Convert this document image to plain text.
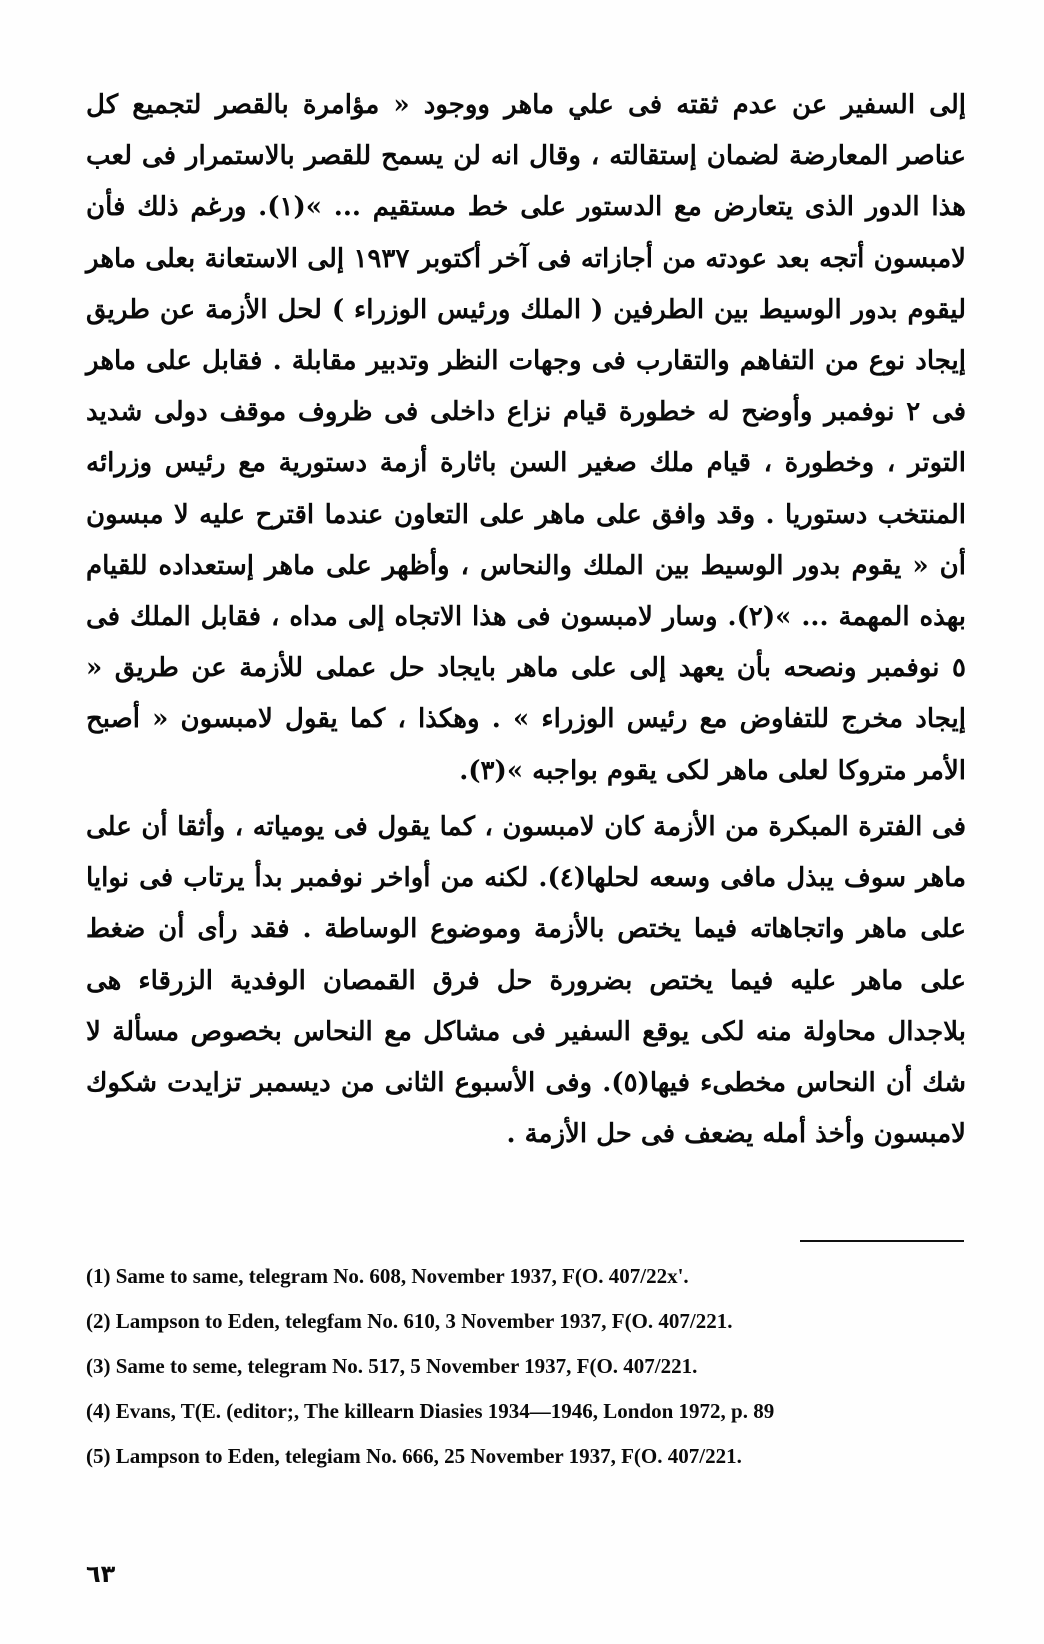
إلى السفير عن عدم ثقته فى علي ماهر ووجود « مؤامرة بالقصر لتجميع كل عناصر المعارضة لضمان إستقالته ، وقال انه لن يسمح للقصر بالاستمرار فى لعب هذا الدور الذى يتعارض مع الدستور على خط مستقيم ... »(١). ورغم ذلك فأن لامبسون أتجه بعد عودته من أجازاته فى آخر أكتوبر ١٩٣٧ إلى الاستعانة بعلى ماهر ليقوم بدور الوسيط بين الطرفين ( الملك ورئيس الوزراء ) لحل الأزمة عن طريق إيجاد نوع من التفاهم والتقارب فى وجهات النظر وتدبير مقابلة . فقابل على ماهر فى ٢ نوفمبر وأوضح له خطورة قيام نزاع داخلى فى ظروف موقف دولى شديد التوتر ، وخطورة ، قيام ملك صغير السن باثارة أزمة دستورية مع رئيس وزرائه المنتخب دستوريا . وقد وافق على ماهر على التعاون عندما اقترح عليه لا مبسون أن « يقوم بدور الوسيط بين الملك والنحاس ، وأظهر على ماهر إستعداده للقيام بهذه المهمة ... »(٢). وسار لامبسون فى هذا الاتجاه إلى مداه ، فقابل الملك فى ٥ نوفمبر ونصحه بأن يعهد إلى على ماهر بايجاد حل عملى للأزمة عن طريق « إيجاد مخرج للتفاوض مع رئيس الوزراء » . وهكذا ، كما يقول لامبسون « أصبح الأمر متروكا لعلى ماهر لكى يقوم بواجبه »(٣).

فى الفترة المبكرة من الأزمة كان لامبسون ، كما يقول فى يومياته ، وأثقا أن على ماهر سوف يبذل مافى وسعه لحلها(٤). لكنه من أواخر نوفمبر بدأ يرتاب فى نوايا على ماهر واتجاهاته فيما يختص بالأزمة وموضوع الوساطة . فقد رأى أن ضغط على ماهر عليه فيما يختص بضرورة حل فرق القمصان الوفدية الزرقاء هى بلاجدال محاولة منه لكى يوقع السفير فى مشاكل مع النحاس بخصوص مسألة لا شك أن النحاس مخطىء فيها(٥). وفى الأسبوع الثانى من ديسمبر تزايدت شكوك لامبسون وأخذ أمله يضعف فى حل الأزمة .

(1) Same to same, telegram No. 608, November 1937, F(O. 407/22x'.
(2) Lampson to Eden, telegfam No. 610, 3 November 1937, F(O. 407/221.
(3) Same to seme, telegram No. 517, 5 November 1937, F(O. 407/221.
(4) Evans, T(E. (editor;, The killearn Diasies 1934—1946, London 1972, p. 89
(5) Lampson to Eden, telegiam No. 666, 25 November 1937, F(O. 407/221.
٦٣
